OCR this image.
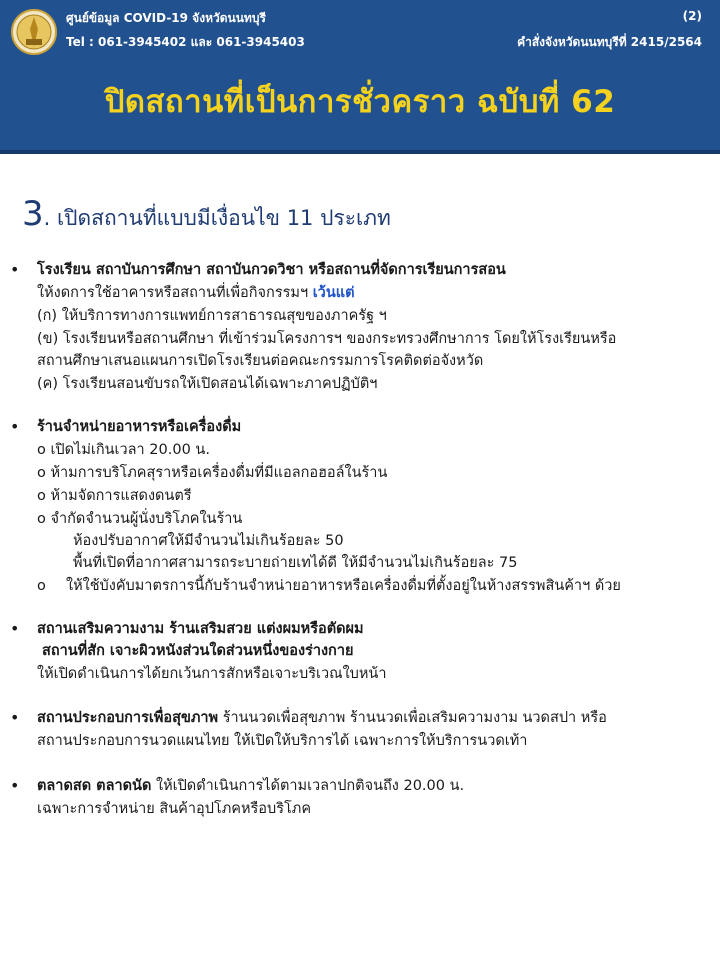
ศูนย์ข้อมูล COVID-19 จังหวัดนนทบุรี
Tel : 061-3945402 และ 061-3945403
(2)
คำสั่งจังหวัดนนทบุรีที่ 2415/2564
ปิดสถานที่เป็นการชั่วคราว ฉบับที่ 62
3. เปิดสถานที่แบบมีเงื่อนไข 11 ประเภท
• โรงเรียน สถาบันการศึกษา สถาบันกวดวิชา หรือสถานที่จัดการเรียนการสอน
ให้งดการใช้อาคารหรือสถานที่เพื่อกิจกรรมฯ เว้นแต่
(ก) ให้บริการทางการแพทย์การสาธารณสุขของภาครัฐ ฯ
(ข) โรงเรียนหรือสถานศึกษา ที่เข้าร่วมโครงการฯ ของกระทรวงศึกษาการ โดยให้โรงเรียนหรือ
สถานศึกษาเสนอแผนการเปิดโรงเรียนต่อคณะกรรมการโรคติดต่อจังหวัด
(ค) โรงเรียนสอนขับรถให้เปิดสอนได้เฉพาะภาคปฏิบัติฯ
• ร้านจำหน่ายอาหารหรือเครื่องดื่ม
o เปิดไม่เกินเวลา 20.00 น.
o ห้ามการบริโภคสุราหรือเครื่องดื่มที่มีแอลกอฮอล์ในร้าน
o ห้ามจัดการแสดงดนตรี
o จำกัดจำนวนผู้นั่งบริโภคในร้าน
ห้องปรับอากาศให้มีจำนวนไม่เกินร้อยละ 50
พื้นที่เปิดที่อากาศสามารถระบายถ่ายเทได้ดี ให้มีจำนวนไม่เกินร้อยละ 75
o ให้ใช้บังคับมาตรการนี้กับร้านจำหน่ายอาหารหรือเครื่องดื่มที่ตั้งอยู่ในห้างสรรพสินค้าฯ ด้วย
• สถานเสริมความงาม ร้านเสริมสวย แต่งผมหรือตัดผม
สถานที่สัก เจาะผิวหนังส่วนใดส่วนหนึ่งของร่างกาย
ให้เปิดดำเนินการได้ยกเว้นการสักหรือเจาะบริเวณใบหน้า
• สถานประกอบการเพื่อสุขภาพ ร้านนวดเพื่อสุขภาพ ร้านนวดเพื่อเสริมความงาม นวดสปา หรือ
สถานประกอบการนวดแผนไทย ให้เปิดให้บริการได้ เฉพาะการให้บริการนวดเท้า
• ตลาดสด ตลาดนัด ให้เปิดดำเนินการได้ตามเวลาปกติจนถึง 20.00 น.
เฉพาะการจำหน่าย สินค้าอุปโภคหรือบริโภค
